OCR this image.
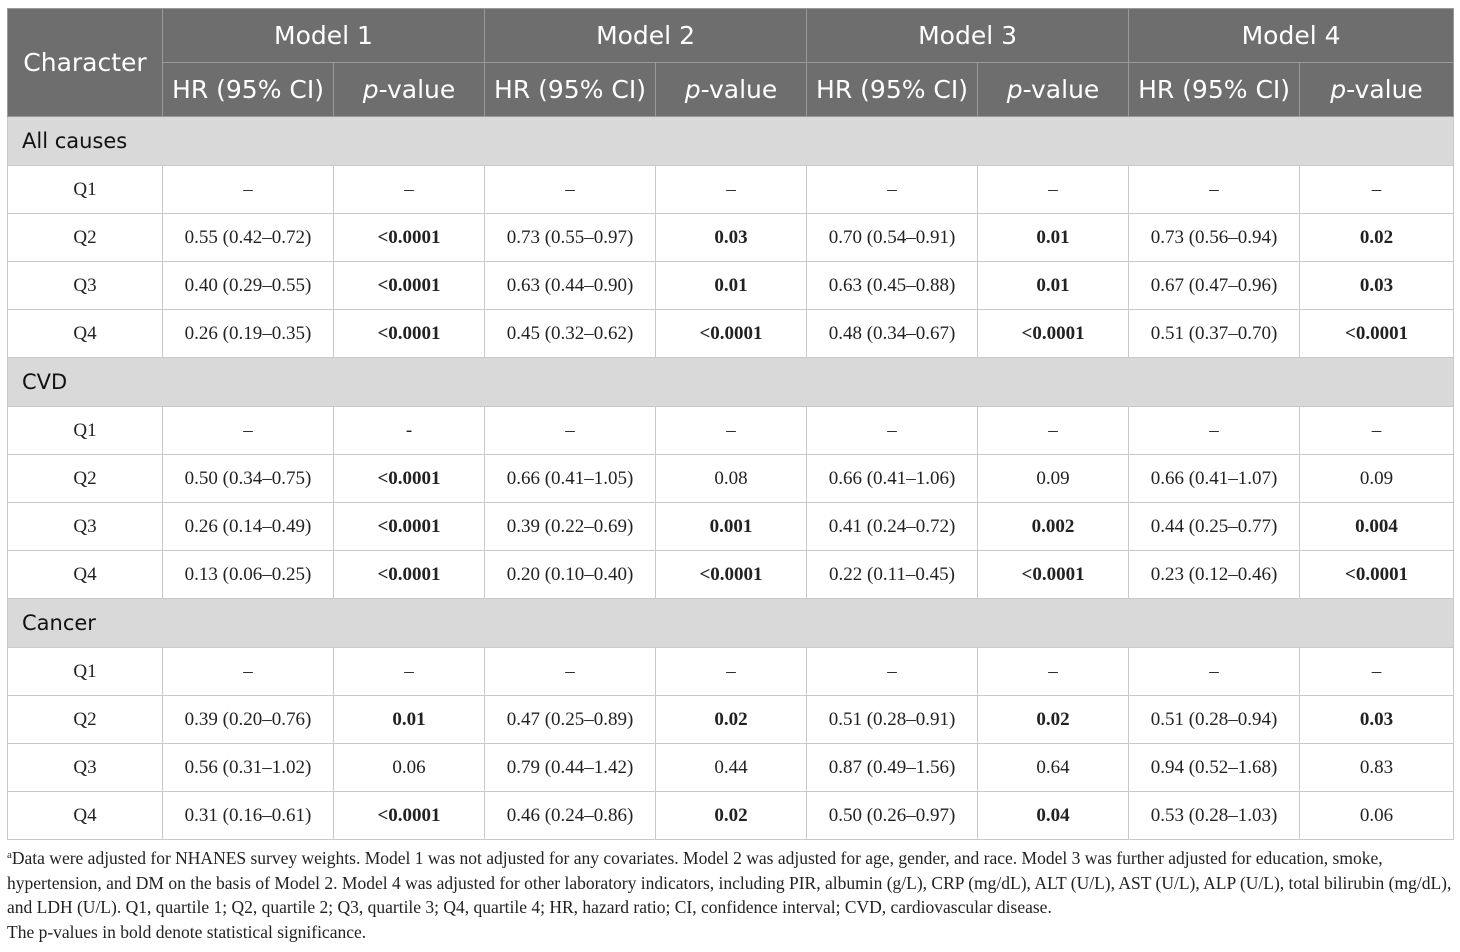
Character	Model 1		Model 2		Model 3		Model 4	
	HR (95% CI)	p-value	HR (95% CI)	p-value	HR (95% CI)	p-value	HR (95% CI)	p-value
All causes								
Q1	–	–	–	–	–	–	–	–
Q2	0.55 (0.42–0.72)	<0.0001	0.73 (0.55–0.97)	0.03	0.70 (0.54–0.91)	0.01	0.73 (0.56–0.94)	0.02
Q3	0.40 (0.29–0.55)	<0.0001	0.63 (0.44–0.90)	0.01	0.63 (0.45–0.88)	0.01	0.67 (0.47–0.96)	0.03
Q4	0.26 (0.19–0.35)	<0.0001	0.45 (0.32–0.62)	<0.0001	0.48 (0.34–0.67)	<0.0001	0.51 (0.37–0.70)	<0.0001
CVD								
Q1	–	-	–	–	–	–	–	–
Q2	0.50 (0.34–0.75)	<0.0001	0.66 (0.41–1.05)	0.08	0.66 (0.41–1.06)	0.09	0.66 (0.41–1.07)	0.09
Q3	0.26 (0.14–0.49)	<0.0001	0.39 (0.22–0.69)	0.001	0.41 (0.24–0.72)	0.002	0.44 (0.25–0.77)	0.004
Q4	0.13 (0.06–0.25)	<0.0001	0.20 (0.10–0.40)	<0.0001	0.22 (0.11–0.45)	<0.0001	0.23 (0.12–0.46)	<0.0001
Cancer								
Q1	–	–	–	–	–	–	–	–
Q2	0.39 (0.20–0.76)	0.01	0.47 (0.25–0.89)	0.02	0.51 (0.28–0.91)	0.02	0.51 (0.28–0.94)	0.03
Q3	0.56 (0.31–1.02)	0.06	0.79 (0.44–1.42)	0.44	0.87 (0.49–1.56)	0.64	0.94 (0.52–1.68)	0.83
Q4	0.31 (0.16–0.61)	<0.0001	0.46 (0.24–0.86)	0.02	0.50 (0.26–0.97)	0.04	0.53 (0.28–1.03)	0.06

$^a$Data were adjusted for NHANES survey weights. Model 1 was not adjusted for any covariates. Model 2 was adjusted for age, gender, and race. Model 3 was further adjusted for education, smoke, hypertension, and DM on the basis of Model 2. Model 4 was adjusted for other laboratory indicators, including PIR, albumin (g/L), CRP (mg/dL), ALT (U/L), AST (U/L), ALP (U/L), total bilirubin (mg/dL), and LDH (U/L). Q1, quartile 1; Q2, quartile 2; Q3, quartile 3; Q4, quartile 4; HR, hazard ratio; CI, confidence interval; CVD, cardiovascular disease.

The p-values in bold denote statistical significance.
